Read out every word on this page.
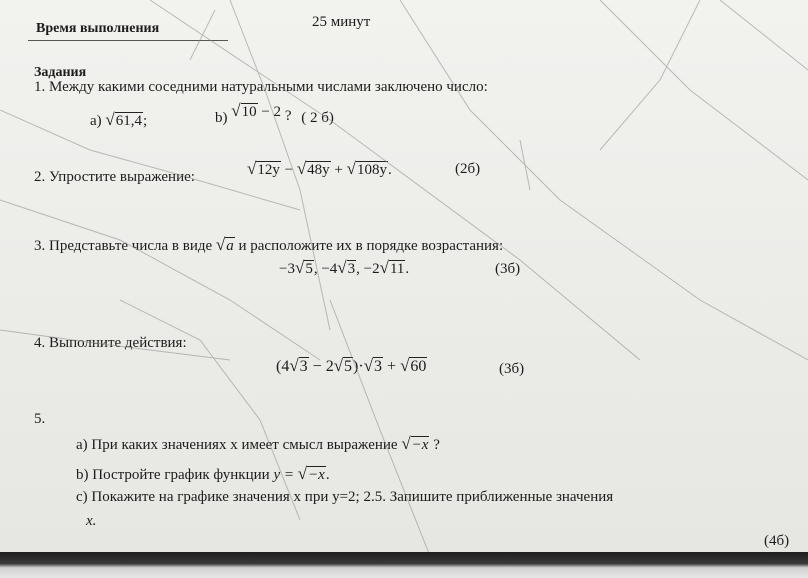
Время выполнения	25 минут
Задания
1. Между какими соседними натуральными числами заключено число:
a) √61,4;	b) √10 − 2 ? ( 2 б)
2. Упростите выражение:	√12y − √48y + √108y.	(2б)
3. Представьте числа в виде √a и расположите их в порядке возрастания:
−3√5, −4√3, −2√11.	(3б)
4. Выполните действия:
(4√3 − 2√5)·√3 + √60	(3б)
5.
а) При каких значениях x имеет смысл выражение √−x ?
b) Постройте график функции y = √−x.
c) Покажите на графике значения x при y=2; 2.5. Запишите приближенные значения
x.
(4б)
